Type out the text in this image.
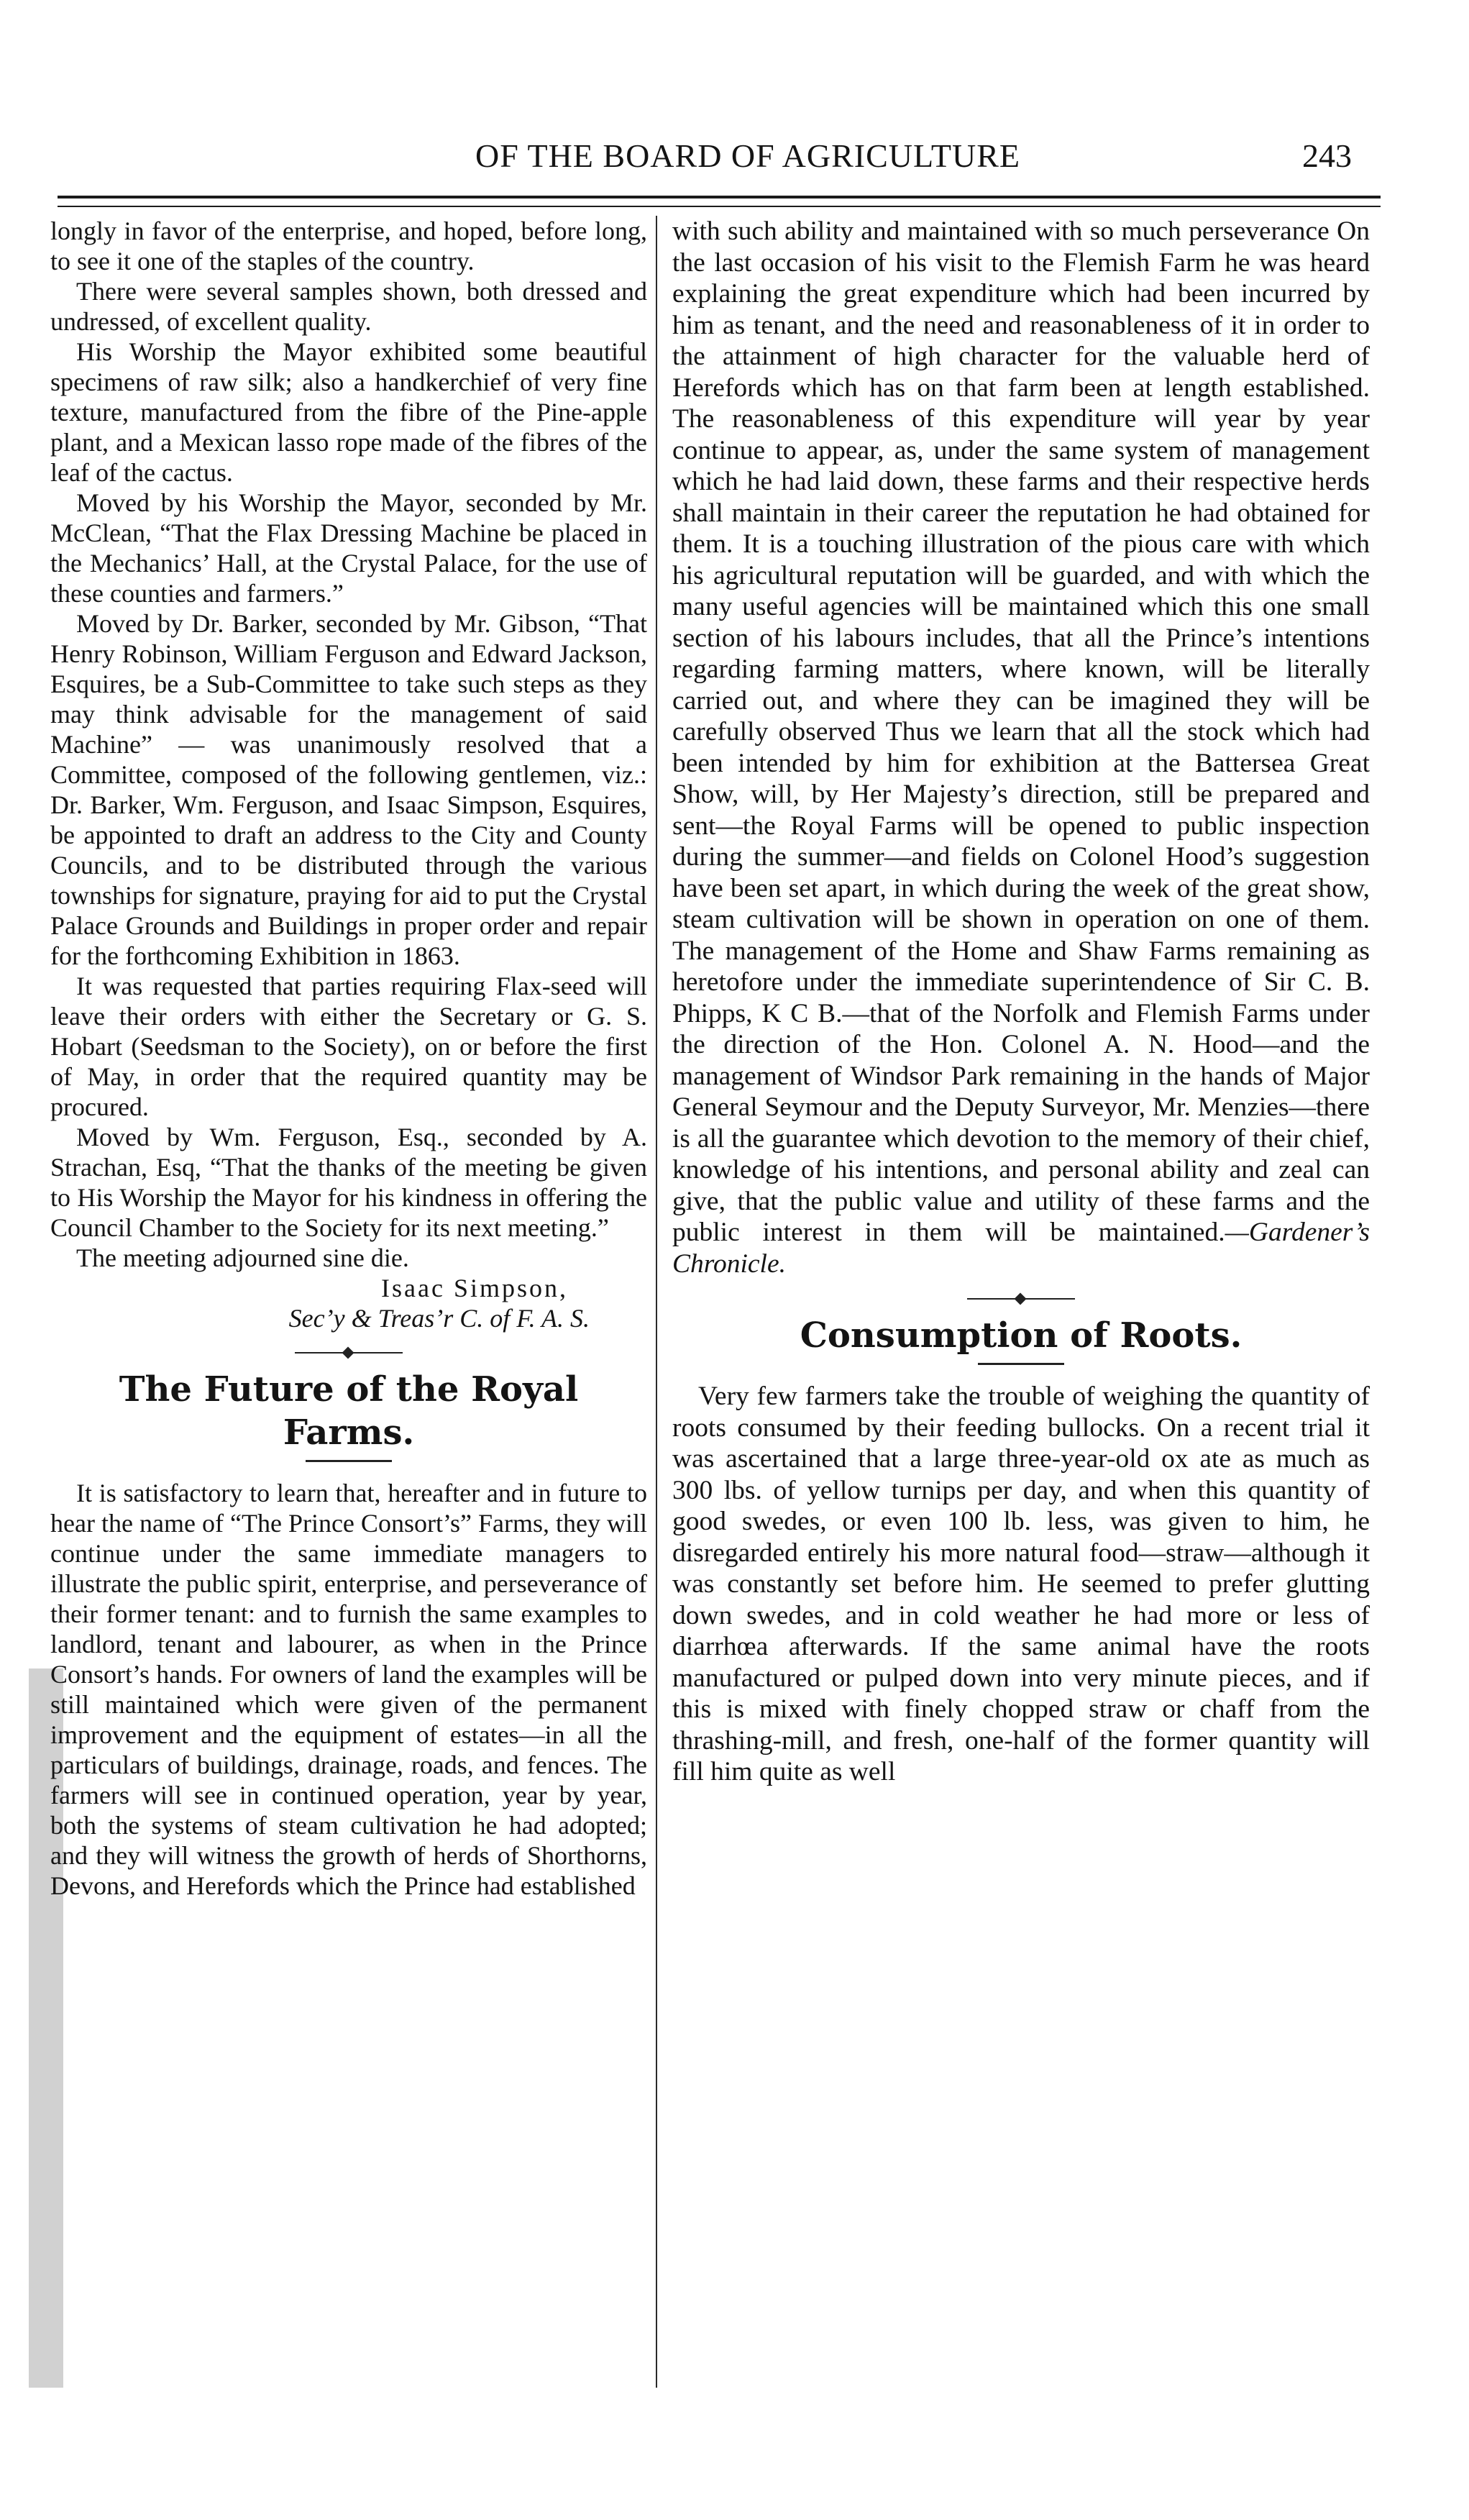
OF THE BOARD OF AGRICULTURE	243

longly in favor of the enterprise, and hoped, before long, to see it one of the staples of the country.

There were several samples shown, both dressed and undressed, of excellent quality.

His Worship the Mayor exhibited some beautiful specimens of raw silk; also a handkerchief of very fine texture, manufactured from the fibre of the Pine-apple plant, and a Mexican lasso rope made of the fibres of the leaf of the cactus.

Moved by his Worship the Mayor, seconded by Mr. McClean, “That the Flax Dressing Machine be placed in the Mechanics’ Hall, at the Crystal Palace, for the use of these counties and farmers.”

Moved by Dr. Barker, seconded by Mr. Gibson, “That Henry Robinson, William Ferguson and Edward Jackson, Esquires, be a Sub-Committee to take such steps as they may think advisable for the management of said Machine” — was unanimously resolved that a Committee, composed of the following gentlemen, viz.: Dr. Barker, Wm. Ferguson, and Isaac Simpson, Esquires, be appointed to draft an address to the City and County Councils, and to be distributed through the various townships for signature, praying for aid to put the Crystal Palace Grounds and Buildings in proper order and repair for the forthcoming Exhibition in 1863.

It was requested that parties requiring Flax-seed will leave their orders with either the Secretary or G. S. Hobart (Seedsman to the Society), on or before the first of May, in order that the required quantity may be procured.

Moved by Wm. Ferguson, Esq., seconded by A. Strachan, Esq, “That the thanks of the meeting be given to His Worship the Mayor for his kindness in offering the Council Chamber to the Society for its next meeting.”

The meeting adjourned sine die.

Isaac Simpson,

Sec’y & Treas’r C. of F. A. S.

The Future of the Royal Farms.

It is satisfactory to learn that, hereafter and in future to hear the name of “The Prince Consort’s” Farms, they will continue under the same immediate managers to illustrate the public spirit, enterprise, and perseverance of their former tenant: and to furnish the same examples to landlord, tenant and labourer, as when in the Prince Consort’s hands. For owners of land the examples will be still maintained which were given of the permanent improvement and the equipment of estates—in all the particulars of buildings, drainage, roads, and fences. The farmers will see in continued operation, year by year, both the systems of steam cultivation he had adopted; and they will witness the growth of herds of Shorthorns, Devons, and Herefords which the Prince had established

with such ability and maintained with so much perseverance On the last occasion of his visit to the Flemish Farm he was heard explaining the great expenditure which had been incurred by him as tenant, and the need and reasonableness of it in order to the attainment of high character for the valuable herd of Herefords which has on that farm been at length established. The reasonableness of this expenditure will year by year continue to appear, as, under the same system of management which he had laid down, these farms and their respective herds shall maintain in their career the reputation he had obtained for them. It is a touching illustration of the pious care with which his agricultural reputation will be guarded, and with which the many useful agencies will be maintained which this one small section of his labours includes, that all the Prince’s intentions regarding farming matters, where known, will be literally carried out, and where they can be imagined they will be carefully observed Thus we learn that all the stock which had been intended by him for exhibition at the Battersea Great Show, will, by Her Majesty’s direction, still be prepared and sent—the Royal Farms will be opened to public inspection during the summer—and fields on Colonel Hood’s suggestion have been set apart, in which during the week of the great show, steam cultivation will be shown in operation on one of them. The management of the Home and Shaw Farms remaining as heretofore under the immediate superintendence of Sir C. B. Phipps, K C B.—that of the Norfolk and Flemish Farms under the direction of the Hon. Colonel A. N. Hood—and the management of Windsor Park remaining in the hands of Major General Seymour and the Deputy Surveyor, Mr. Menzies—there is all the guarantee which devotion to the memory of their chief, knowledge of his intentions, and personal ability and zeal can give, that the public value and utility of these farms and the public interest in them will be maintained.—Gardener’s Chronicle.

Consumption of Roots.

Very few farmers take the trouble of weighing the quantity of roots consumed by their feeding bullocks. On a recent trial it was ascertained that a large three-year-old ox ate as much as 300 lbs. of yellow turnips per day, and when this quantity of good swedes, or even 100 lb. less, was given to him, he disregarded entirely his more natural food—straw—although it was constantly set before him. He seemed to prefer glutting down swedes, and in cold weather he had more or less of diarrhœa afterwards. If the same animal have the roots manufactured or pulped down into very minute pieces, and if this is mixed with finely chopped straw or chaff from the thrashing-mill, and fresh, one-half of the former quantity will fill him quite as well
